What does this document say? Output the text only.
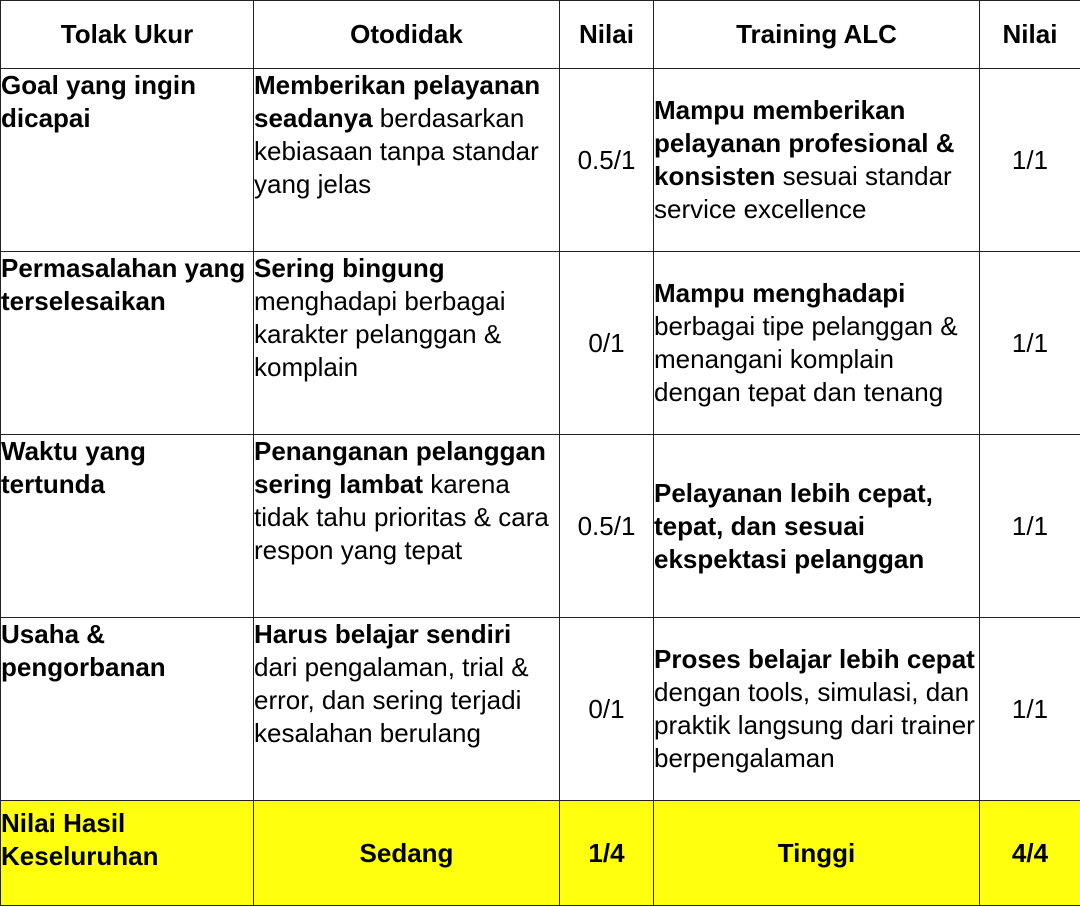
Tolak Ukur	Otodidak	Nilai	Training ALC	Nilai
Goal yang ingin dicapai	Memberikan pelayanan seadanya berdasarkan kebiasaan tanpa standar yang jelas	0.5/1	Mampu memberikan pelayanan profesional & konsisten sesuai standar service excellence	1/1
Permasalahan yang terselesaikan	Sering bingung menghadapi berbagai karakter pelanggan & komplain	0/1	Mampu menghadapi berbagai tipe pelanggan & menangani komplain dengan tepat dan tenang	1/1
Waktu yang tertunda	Penanganan pelanggan sering lambat karena tidak tahu prioritas & cara respon yang tepat	0.5/1	Pelayanan lebih cepat, tepat, dan sesuai ekspektasi pelanggan	1/1
Usaha & pengorbanan	Harus belajar sendiri dari pengalaman, trial & error, dan sering terjadi kesalahan berulang	0/1	Proses belajar lebih cepat dengan tools, simulasi, dan praktik langsung dari trainer berpengalaman	1/1
Nilai Hasil Keseluruhan	Sedang	1/4	Tinggi	4/4
